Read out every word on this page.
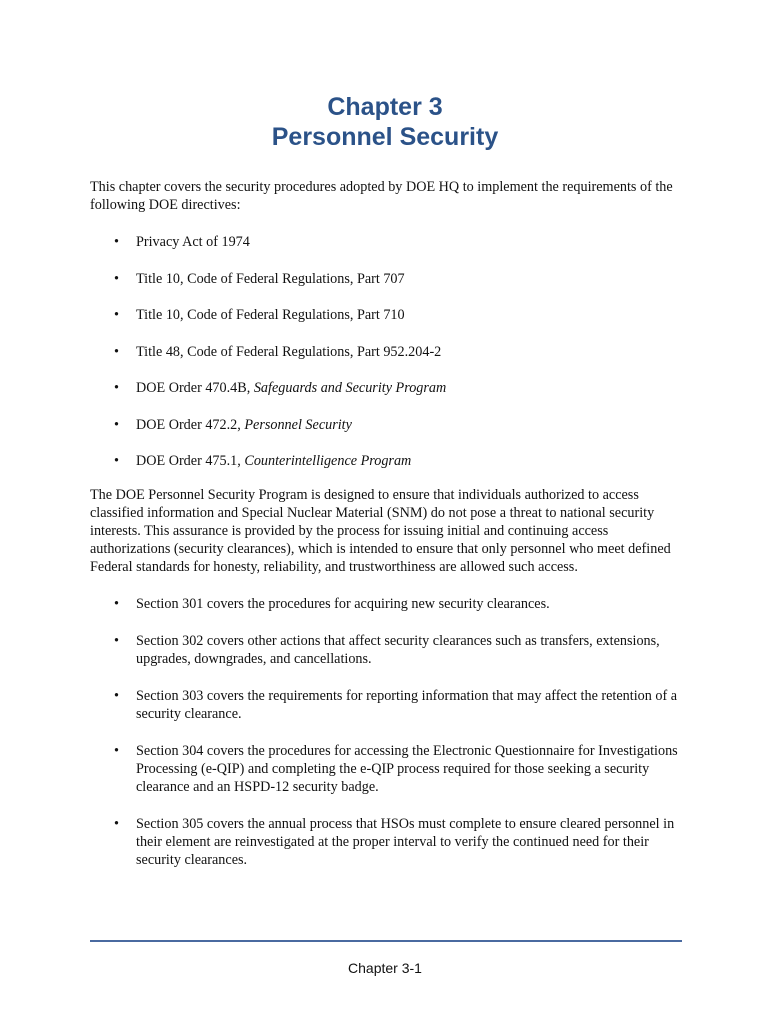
Chapter 3
Personnel Security

This chapter covers the security procedures adopted by DOE HQ to implement the requirements of the following DOE directives:

• Privacy Act of 1974
• Title 10, Code of Federal Regulations, Part 707
• Title 10, Code of Federal Regulations, Part 710
• Title 48, Code of Federal Regulations, Part 952.204-2
• DOE Order 470.4B, Safeguards and Security Program
• DOE Order 472.2, Personnel Security
• DOE Order 475.1, Counterintelligence Program

The DOE Personnel Security Program is designed to ensure that individuals authorized to access classified information and Special Nuclear Material (SNM) do not pose a threat to national security interests. This assurance is provided by the process for issuing initial and continuing access authorizations (security clearances), which is intended to ensure that only personnel who meet defined Federal standards for honesty, reliability, and trustworthiness are allowed such access.

• Section 301 covers the procedures for acquiring new security clearances.
• Section 302 covers other actions that affect security clearances such as transfers, extensions, upgrades, downgrades, and cancellations.
• Section 303 covers the requirements for reporting information that may affect the retention of a security clearance.
• Section 304 covers the procedures for accessing the Electronic Questionnaire for Investigations Processing (e-QIP) and completing the e-QIP process required for those seeking a security clearance and an HSPD-12 security badge.
• Section 305 covers the annual process that HSOs must complete to ensure cleared personnel in their element are reinvestigated at the proper interval to verify the continued need for their security clearances.
Chapter 3-1
